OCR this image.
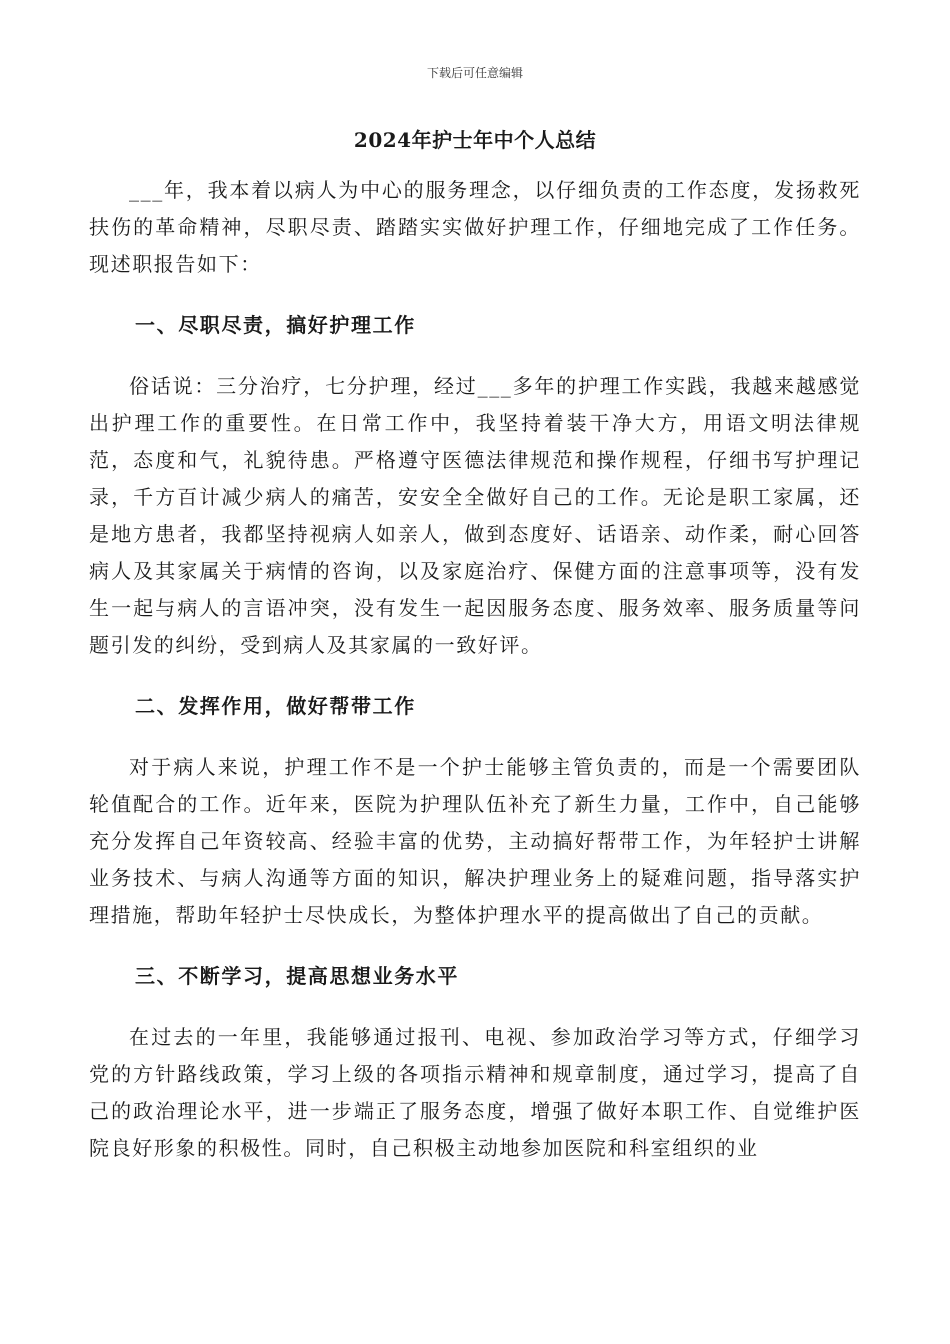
下载后可任意编辑
2024年护士年中个人总结

___年，我本着以病人为中心的服务理念，以仔细负责的工作态度，发扬救死扶伤的革命精神，尽职尽责、踏踏实实做好护理工作，仔细地完成了工作任务。现述职报告如下：

一、尽职尽责，搞好护理工作

俗话说：三分治疗，七分护理，经过___多年的护理工作实践，我越来越感觉出护理工作的重要性。在日常工作中，我坚持着装干净大方，用语文明法律规范，态度和气，礼貌待患。严格遵守医德法律规范和操作规程，仔细书写护理记录，千方百计减少病人的痛苦，安安全全做好自己的工作。无论是职工家属，还是地方患者，我都坚持视病人如亲人，做到态度好、话语亲、动作柔，耐心回答病人及其家属关于病情的咨询，以及家庭治疗、保健方面的注意事项等，没有发生一起与病人的言语冲突，没有发生一起因服务态度、服务效率、服务质量等问题引发的纠纷，受到病人及其家属的一致好评。

二、发挥作用，做好帮带工作

对于病人来说，护理工作不是一个护士能够主管负责的，而是一个需要团队轮值配合的工作。近年来，医院为护理队伍补充了新生力量，工作中，自己能够充分发挥自己年资较高、经验丰富的优势，主动搞好帮带工作，为年轻护士讲解业务技术、与病人沟通等方面的知识，解决护理业务上的疑难问题，指导落实护理措施，帮助年轻护士尽快成长，为整体护理水平的提高做出了自己的贡献。

三、不断学习，提高思想业务水平

在过去的一年里，我能够通过报刊、电视、参加政治学习等方式，仔细学习党的方针路线政策，学习上级的各项指示精神和规章制度，通过学习，提高了自己的政治理论水平，进一步端正了服务态度，增强了做好本职工作、自觉维护医院良好形象的积极性。同时，自己积极主动地参加医院和科室组织的业
